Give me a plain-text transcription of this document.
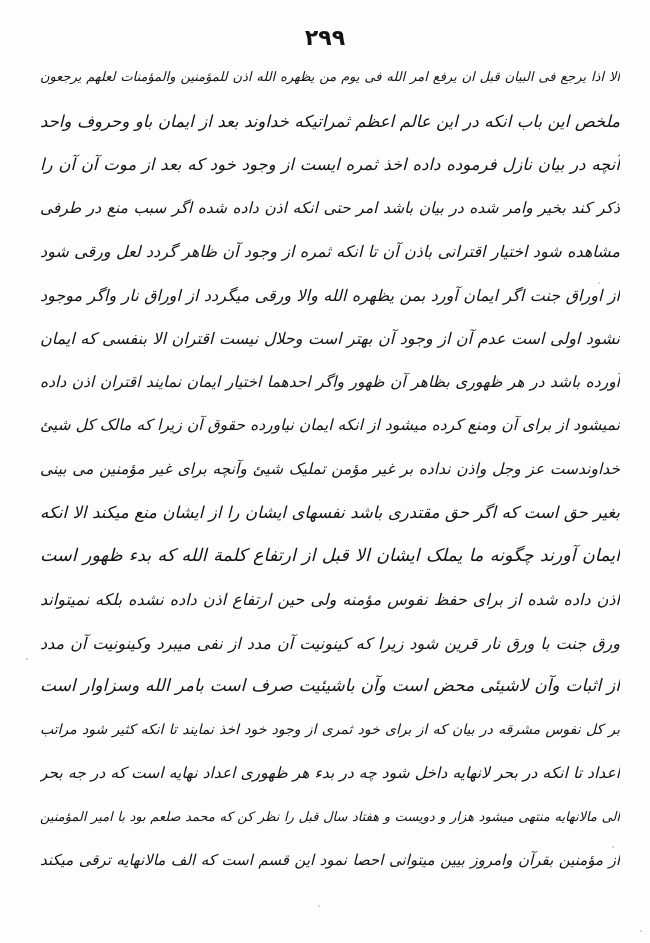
۲۹۹
الا اذا یرجع فی البیان قبل ان یرفع امر الله فی یوم من یظهره الله اذن للمؤمنین والمؤمنات لعلهم یرجعون
ملخص این باب انکه در این عالم اعظم ثمراتیکه خداوند بعد از ایمان باو وحروف واحد
آنچه در بیان نازل فرموده داده اخذ ثمره ایست از وجود خود که بعد از موت آن آن را
ذکر کند بخیر وامر شده در بیان باشد امر حتی انکه اذن داده شده اگر سبب منع در طرفی
مشاهده شود اختیار اقترانی باذن آن تا انکه ثمره از وجود آن ظاهر گردد لعل ورقی شود
از اوراق جنت اگر ایمان آورد بمن یظهره الله والا ورقی میگردد از اوراق نار واگر موجود
نشود اولی است عدم آن از وجود آن بهتر است وحلال نیست اقتران الا بنفسی که ایمان
آورده باشد در هر ظهوری بظاهر آن ظهور واگر احدهما اختیار ایمان نمایند اقتران اذن داده
نمیشود از برای آن ومنع کرده میشود از انکه ایمان نیاورده حقوق آن زیرا که مالک کل شیئ
خداوندست عز وجل واذن نداده بر غیر مؤمن تملیک شیئ وآنچه برای غیر مؤمنین می بینی
بغیر حق است که اگر حق مقتدری باشد نفسهای ایشان را از ایشان منع میکند الا انکه
ایمان آورند چگونه ما یملک ایشان الا قبل از ارتفاع کلمة الله که بدء ظهور است
اذن داده شده از برای حفظ نفوس مؤمنه ولی حین ارتفاع اذن داده نشده بلکه نمیتواند
ورق جنت با ورق نار قرین شود زیرا که کینونیت آن مدد از نفی میبرد وکینونیت آن مدد
از اثبات وآن لاشیئی محض است وآن باشیئیت صرف است بامر الله وسزاوار است
بر کل نفوس مشرقه در بیان که از برای خود ثمری از وجود خود اخذ نمایند تا انکه کثیر شود مراتب
اعداد تا انکه در بحر لانهایه داخل شود چه در بدء هر ظهوری اعداد نهایه است که در جه بحر
الی مالانهایه منتهی میشود هزار و دویست و هفتاد سال قبل را نظر کن که محمد صلعم بود با امیر المؤمنین
از مؤمنین بقرآن وامروز بیین میتوانی احصا نمود این قسم است که الف مالانهایه ترقی میکند
